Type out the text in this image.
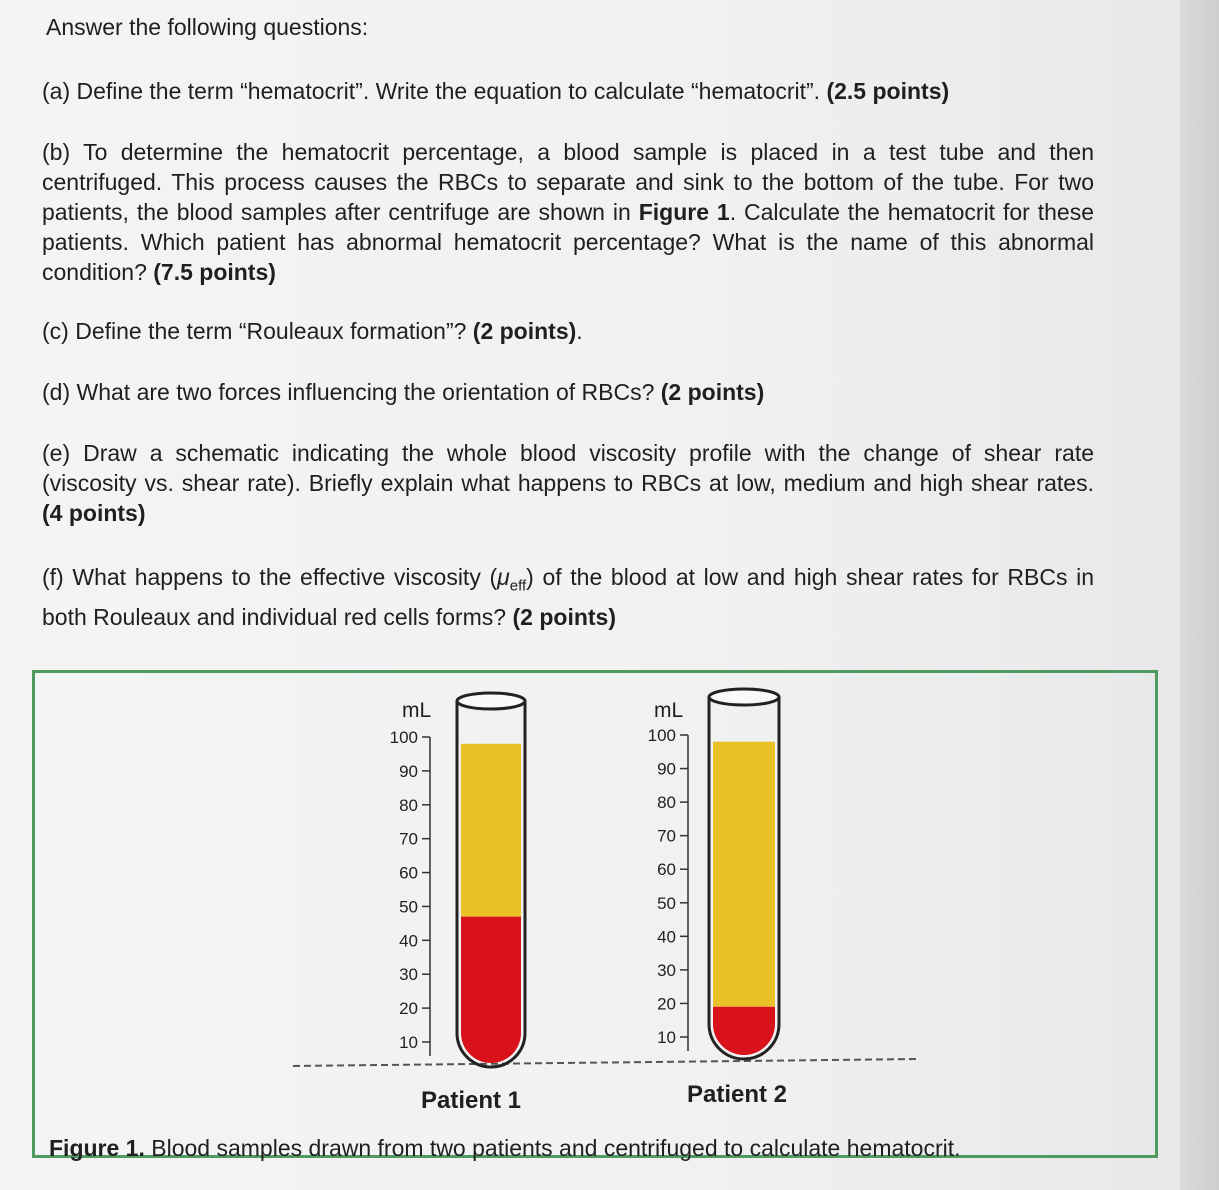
Answer the following questions:

(a) Define the term “hematocrit”. Write the equation to calculate “hematocrit”. (2.5 points)

(b) To determine the hematocrit percentage, a blood sample is placed in a test tube and then centrifuged. This process causes the RBCs to separate and sink to the bottom of the tube. For two patients, the blood samples after centrifuge are shown in Figure 1. Calculate the hematocrit for these patients. Which patient has abnormal hematocrit percentage? What is the name of this abnormal condition? (7.5 points)

(c) Define the term “Rouleaux formation”? (2 points).

(d) What are two forces influencing the orientation of RBCs? (2 points)

(e) Draw a schematic indicating the whole blood viscosity profile with the change of shear rate (viscosity vs. shear rate). Briefly explain what happens to RBCs at low, medium and high shear rates. (4 points)

(f) What happens to the effective viscosity $(\mu_{eff})$ of the blood at low and high shear rates for RBCs in both Rouleaux and individual red cells forms? (2 points)

100
90
80
70
60
50
40
30
20
10
100
90
80
70
60
50
40
30
20
10

mL	mL

Patient 1	Patient 2

Figure 1. Blood samples drawn from two patients and centrifuged to calculate hematocrit.
